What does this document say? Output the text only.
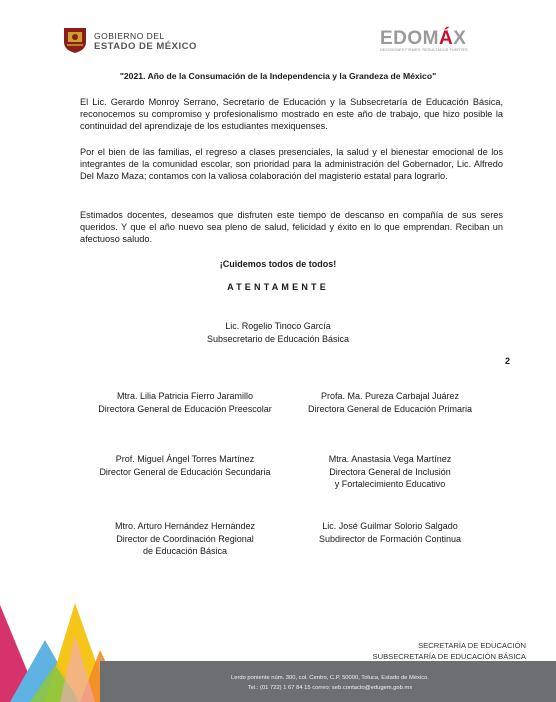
GOBIERNO DEL
ESTADO DE MÉXICO	EDOMÁX
DECISIONES FIRMES, RESULTADOS FUERTES.
"2021. Año de la Consumación de la Independencia y la Grandeza de México"

El Lic. Gerardo Monroy Serrano, Secretario de Educación y la Subsecretaría de Educación Básica, reconocemos su compromiso y profesionalismo mostrado en este año de trabajo, que hizo posible la continuidad del aprendizaje de los estudiantes mexiquenses.

Por el bien de las familias, el regreso a clases presenciales, la salud y el bienestar emocional de los integrantes de la comunidad escolar, son prioridad para la administración del Gobernador, Lic. Alfredo Del Mazo Maza; contamos con la valiosa colaboración del magisterio estatal para lograrlo.

Estimados docentes, deseamos que disfruten este tiempo de descanso en compañía de sus seres queridos. Y que el año nuevo sea pleno de salud, felicidad y éxito en lo que emprendan. Reciban un afectuoso saludo.

¡Cuidemos todos de todos!
ATENTAMENTE
Lic. Rogelio Tinoco García
Subsecretario de Educación Básica
2
Mtra. Lilia Patricia Fierro Jaramillo
Directora General de Educación Preescolar
Profa. Ma. Pureza Carbajal Juárez
Directora General de Educación Primaria
Prof. Miguel Ángel Torres Martínez
Director General de Educación Secundaria
Mtra. Anastasia Vega Martínez
Directora General de Inclusión
y Fortalecimiento Educativo
Mtro. Arturo Hernández Hernández
Director de Coordinación Regional
de Educación Básica
Lic. José Guilmar Solorio Salgado
Subdirector de Formación Continua
SECRETARÍA DE EDUCACIÓN
SUBSECRETARÍA DE EDUCACIÓN BÁSICA
Lerdo poniente núm. 300, col. Centro, C.P. 50000, Toluca, Estado de México.
Tel.: (01 722) 1 67 84 15 correo: seb.contacto@edugem.gob.mx
